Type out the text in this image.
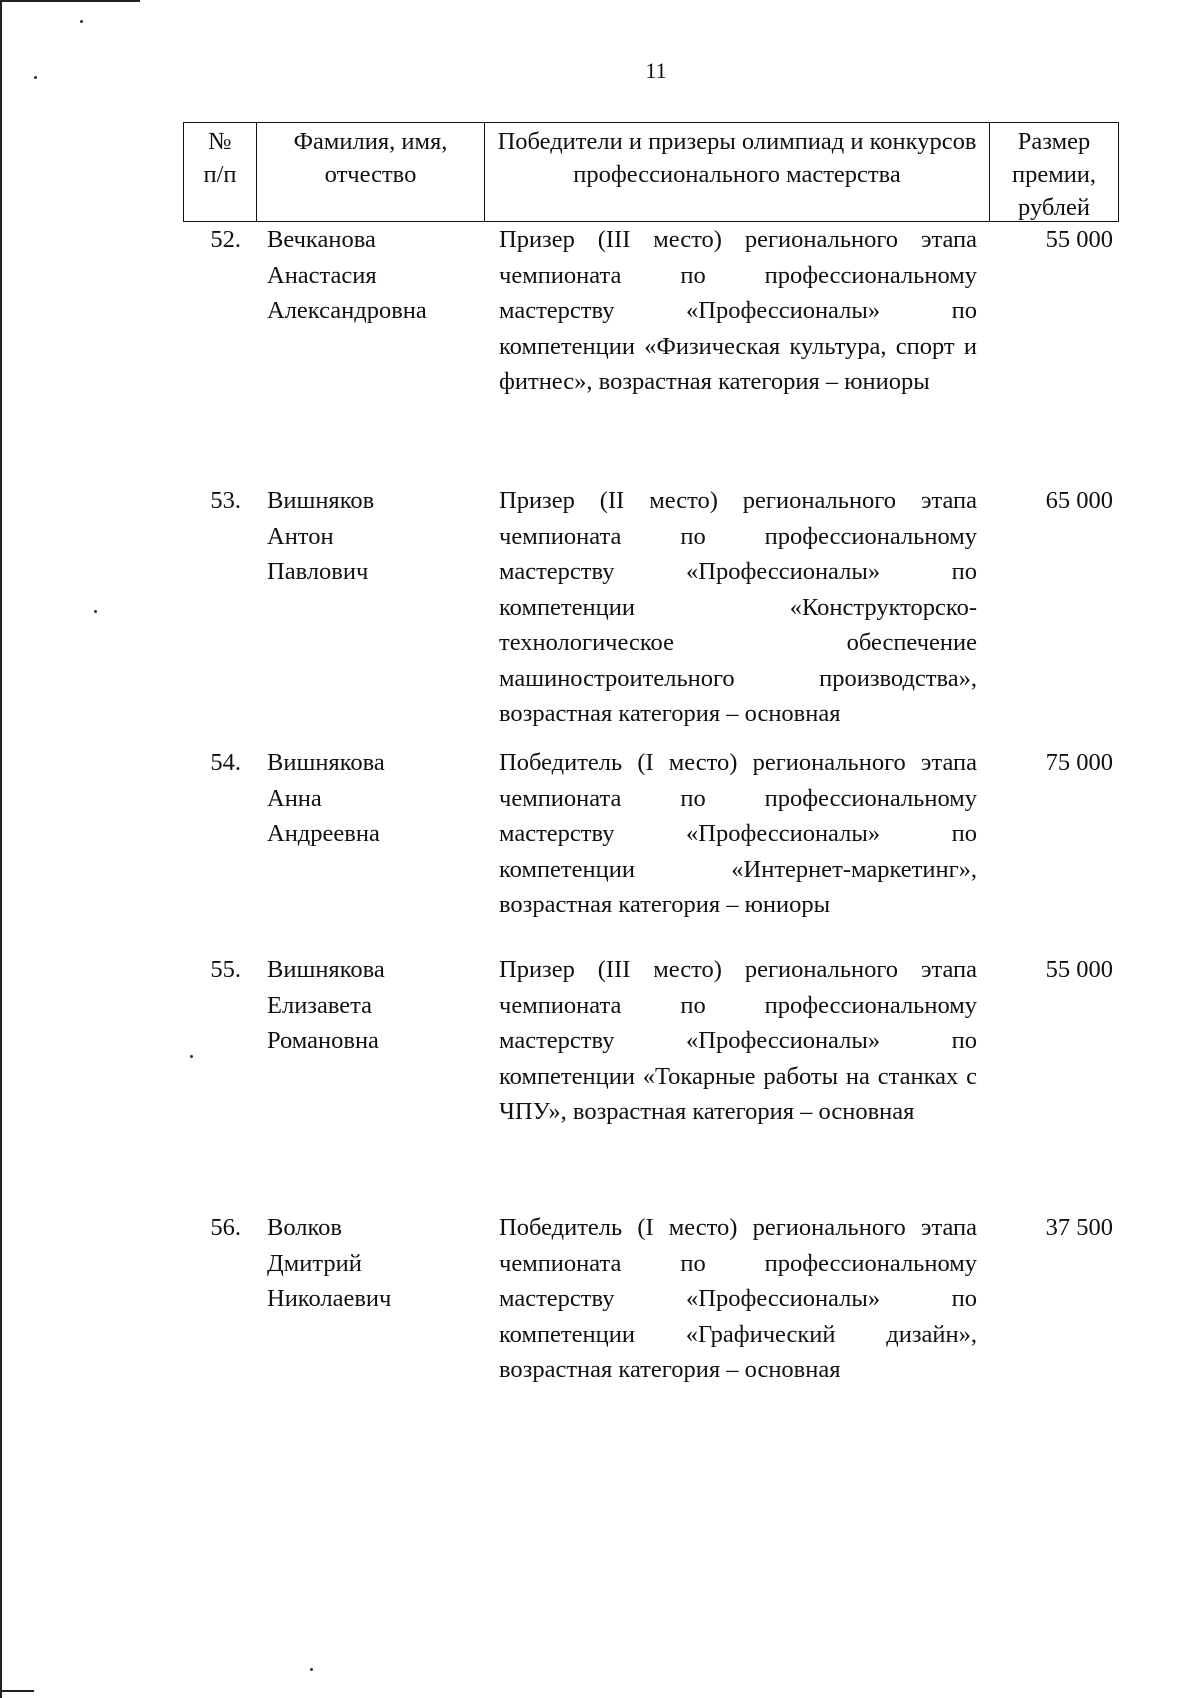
11
№
п/п
Фамилия, имя,
отчество
Победители и призеры олимпиад и конкурсов профессионального мастерства
Размер
премии,
рублей
52. Вечканова
Анастасия
Александровна
Призер (III место) регионального этапа чемпионата по профессиональному мастерству «Профессионалы» по компетенции «Физическая культура, спорт и фитнес», возрастная категория – юниоры
55 000
53. Вишняков
Антон
Павлович
Призер (II место) регионального этапа чемпионата по профессиональному мастерству «Профессионалы» по компетенции «Конструкторско-технологическое обеспечение машиностроительного производства», возрастная категория – основная
65 000
54. Вишнякова
Анна
Андреевна
Победитель (I место) регионального этапа чемпионата по профессиональному мастерству «Профессионалы» по компетенции «Интернет-маркетинг», возрастная категория – юниоры
75 000
55. Вишнякова
Елизавета
Романовна
Призер (III место) регионального этапа чемпионата по профессиональному мастерству «Профессионалы» по компетенции «Токарные работы на станках с ЧПУ», возрастная категория – основная
55 000
56. Волков
Дмитрий
Николаевич
Победитель (I место) регионального этапа чемпионата по профессиональному мастерству «Профессионалы» по компетенции «Графический дизайн», возрастная категория – основная
37 500
